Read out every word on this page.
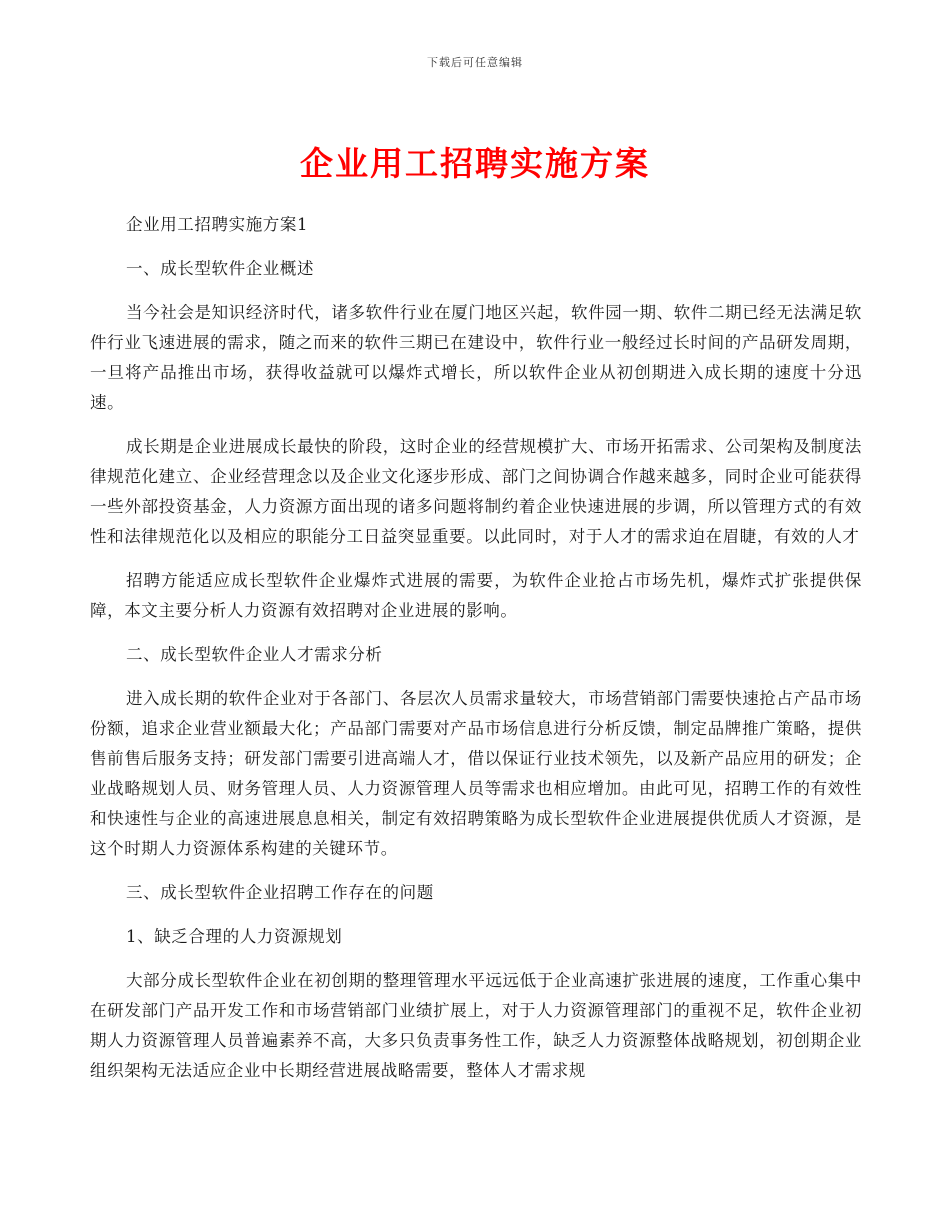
下载后可任意编辑
企业用工招聘实施方案

企业用工招聘实施方案1

一、成长型软件企业概述

当今社会是知识经济时代，诸多软件行业在厦门地区兴起，软件园一期、软件二期已经无法满足软件行业飞速进展的需求，随之而来的软件三期已在建设中，软件行业一般经过长时间的产品研发周期，一旦将产品推出市场，获得收益就可以爆炸式增长，所以软件企业从初创期进入成长期的速度十分迅速。

成长期是企业进展成长最快的阶段，这时企业的经营规模扩大、市场开拓需求、公司架构及制度法律规范化建立、企业经营理念以及企业文化逐步形成、部门之间协调合作越来越多，同时企业可能获得一些外部投资基金，人力资源方面出现的诸多问题将制约着企业快速进展的步调，所以管理方式的有效性和法律规范化以及相应的职能分工日益突显重要。以此同时，对于人才的需求迫在眉睫，有效的人才

招聘方能适应成长型软件企业爆炸式进展的需要，为软件企业抢占市场先机，爆炸式扩张提供保障，本文主要分析人力资源有效招聘对企业进展的影响。

二、成长型软件企业人才需求分析

进入成长期的软件企业对于各部门、各层次人员需求量较大，市场营销部门需要快速抢占产品市场份额，追求企业营业额最大化；产品部门需要对产品市场信息进行分析反馈，制定品牌推广策略，提供售前售后服务支持；研发部门需要引进高端人才，借以保证行业技术领先，以及新产品应用的研发；企业战略规划人员、财务管理人员、人力资源管理人员等需求也相应增加。由此可见，招聘工作的有效性和快速性与企业的高速进展息息相关，制定有效招聘策略为成长型软件企业进展提供优质人才资源，是这个时期人力资源体系构建的关键环节。

三、成长型软件企业招聘工作存在的问题

1、缺乏合理的人力资源规划

大部分成长型软件企业在初创期的整理管理水平远远低于企业高速扩张进展的速度，工作重心集中在研发部门产品开发工作和市场营销部门业绩扩展上，对于人力资源管理部门的重视不足，软件企业初期人力资源管理人员普遍素养不高，大多只负责事务性工作，缺乏人力资源整体战略规划，初创期企业组织架构无法适应企业中长期经营进展战略需要，整体人才需求规
